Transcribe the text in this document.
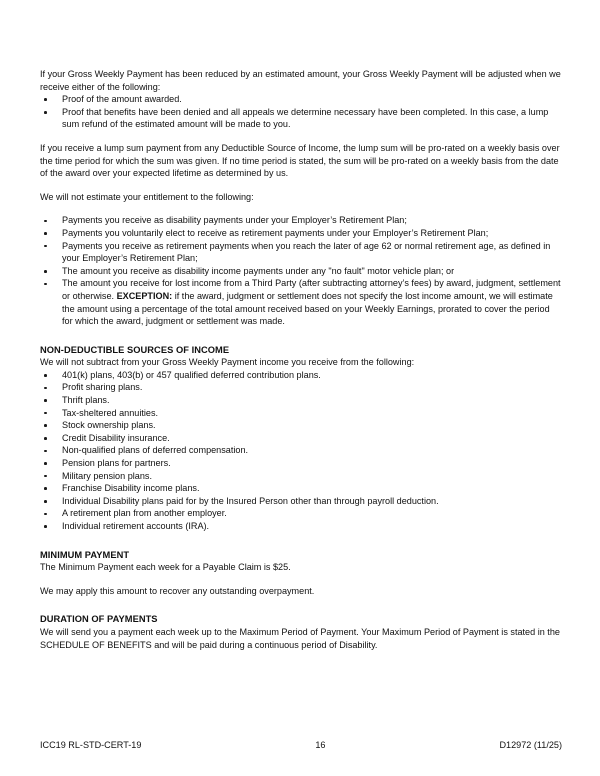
If your Gross Weekly Payment has been reduced by an estimated amount, your Gross Weekly Payment will be adjusted when we receive either of the following:

Proof of the amount awarded.
Proof that benefits have been denied and all appeals we determine necessary have been completed. In this case, a lump sum refund of the estimated amount will be made to you.

If you receive a lump sum payment from any Deductible Source of Income, the lump sum will be pro-rated on a weekly basis over the time period for which the sum was given. If no time period is stated, the sum will be pro-rated on a weekly basis from the date of the award over your expected lifetime as determined by us.

We will not estimate your entitlement to the following:

Payments you receive as disability payments under your Employer’s Retirement Plan;
Payments you voluntarily elect to receive as retirement payments under your Employer’s Retirement Plan;
Payments you receive as retirement payments when you reach the later of age 62 or normal retirement age, as defined in your Employer’s Retirement Plan;
The amount you receive as disability income payments under any "no fault" motor vehicle plan; or
The amount you receive for lost income from a Third Party (after subtracting attorney’s fees) by award, judgment, settlement or otherwise. EXCEPTION: if the award, judgment or settlement does not specify the lost income amount, we will estimate the amount using a percentage of the total amount received based on your Weekly Earnings, prorated to cover the period for which the award, judgment or settlement was made.
NON-DEDUCTIBLE SOURCES OF INCOME

We will not subtract from your Gross Weekly Payment income you receive from the following:

401(k) plans, 403(b) or 457 qualified deferred contribution plans.
Profit sharing plans.
Thrift plans.
Tax-sheltered annuities.
Stock ownership plans.
Credit Disability insurance.
Non-qualified plans of deferred compensation.
Pension plans for partners.
Military pension plans.
Franchise Disability income plans.
Individual Disability plans paid for by the Insured Person other than through payroll deduction.
A retirement plan from another employer.
Individual retirement accounts (IRA).
MINIMUM PAYMENT

The Minimum Payment each week for a Payable Claim is $25.

We may apply this amount to recover any outstanding overpayment.

DURATION OF PAYMENTS

We will send you a payment each week up to the Maximum Period of Payment. Your Maximum Period of Payment is stated in the SCHEDULE OF BENEFITS and will be paid during a continuous period of Disability.

ICC19 RL-STD-CERT-19	16	D12972 (11/25)
